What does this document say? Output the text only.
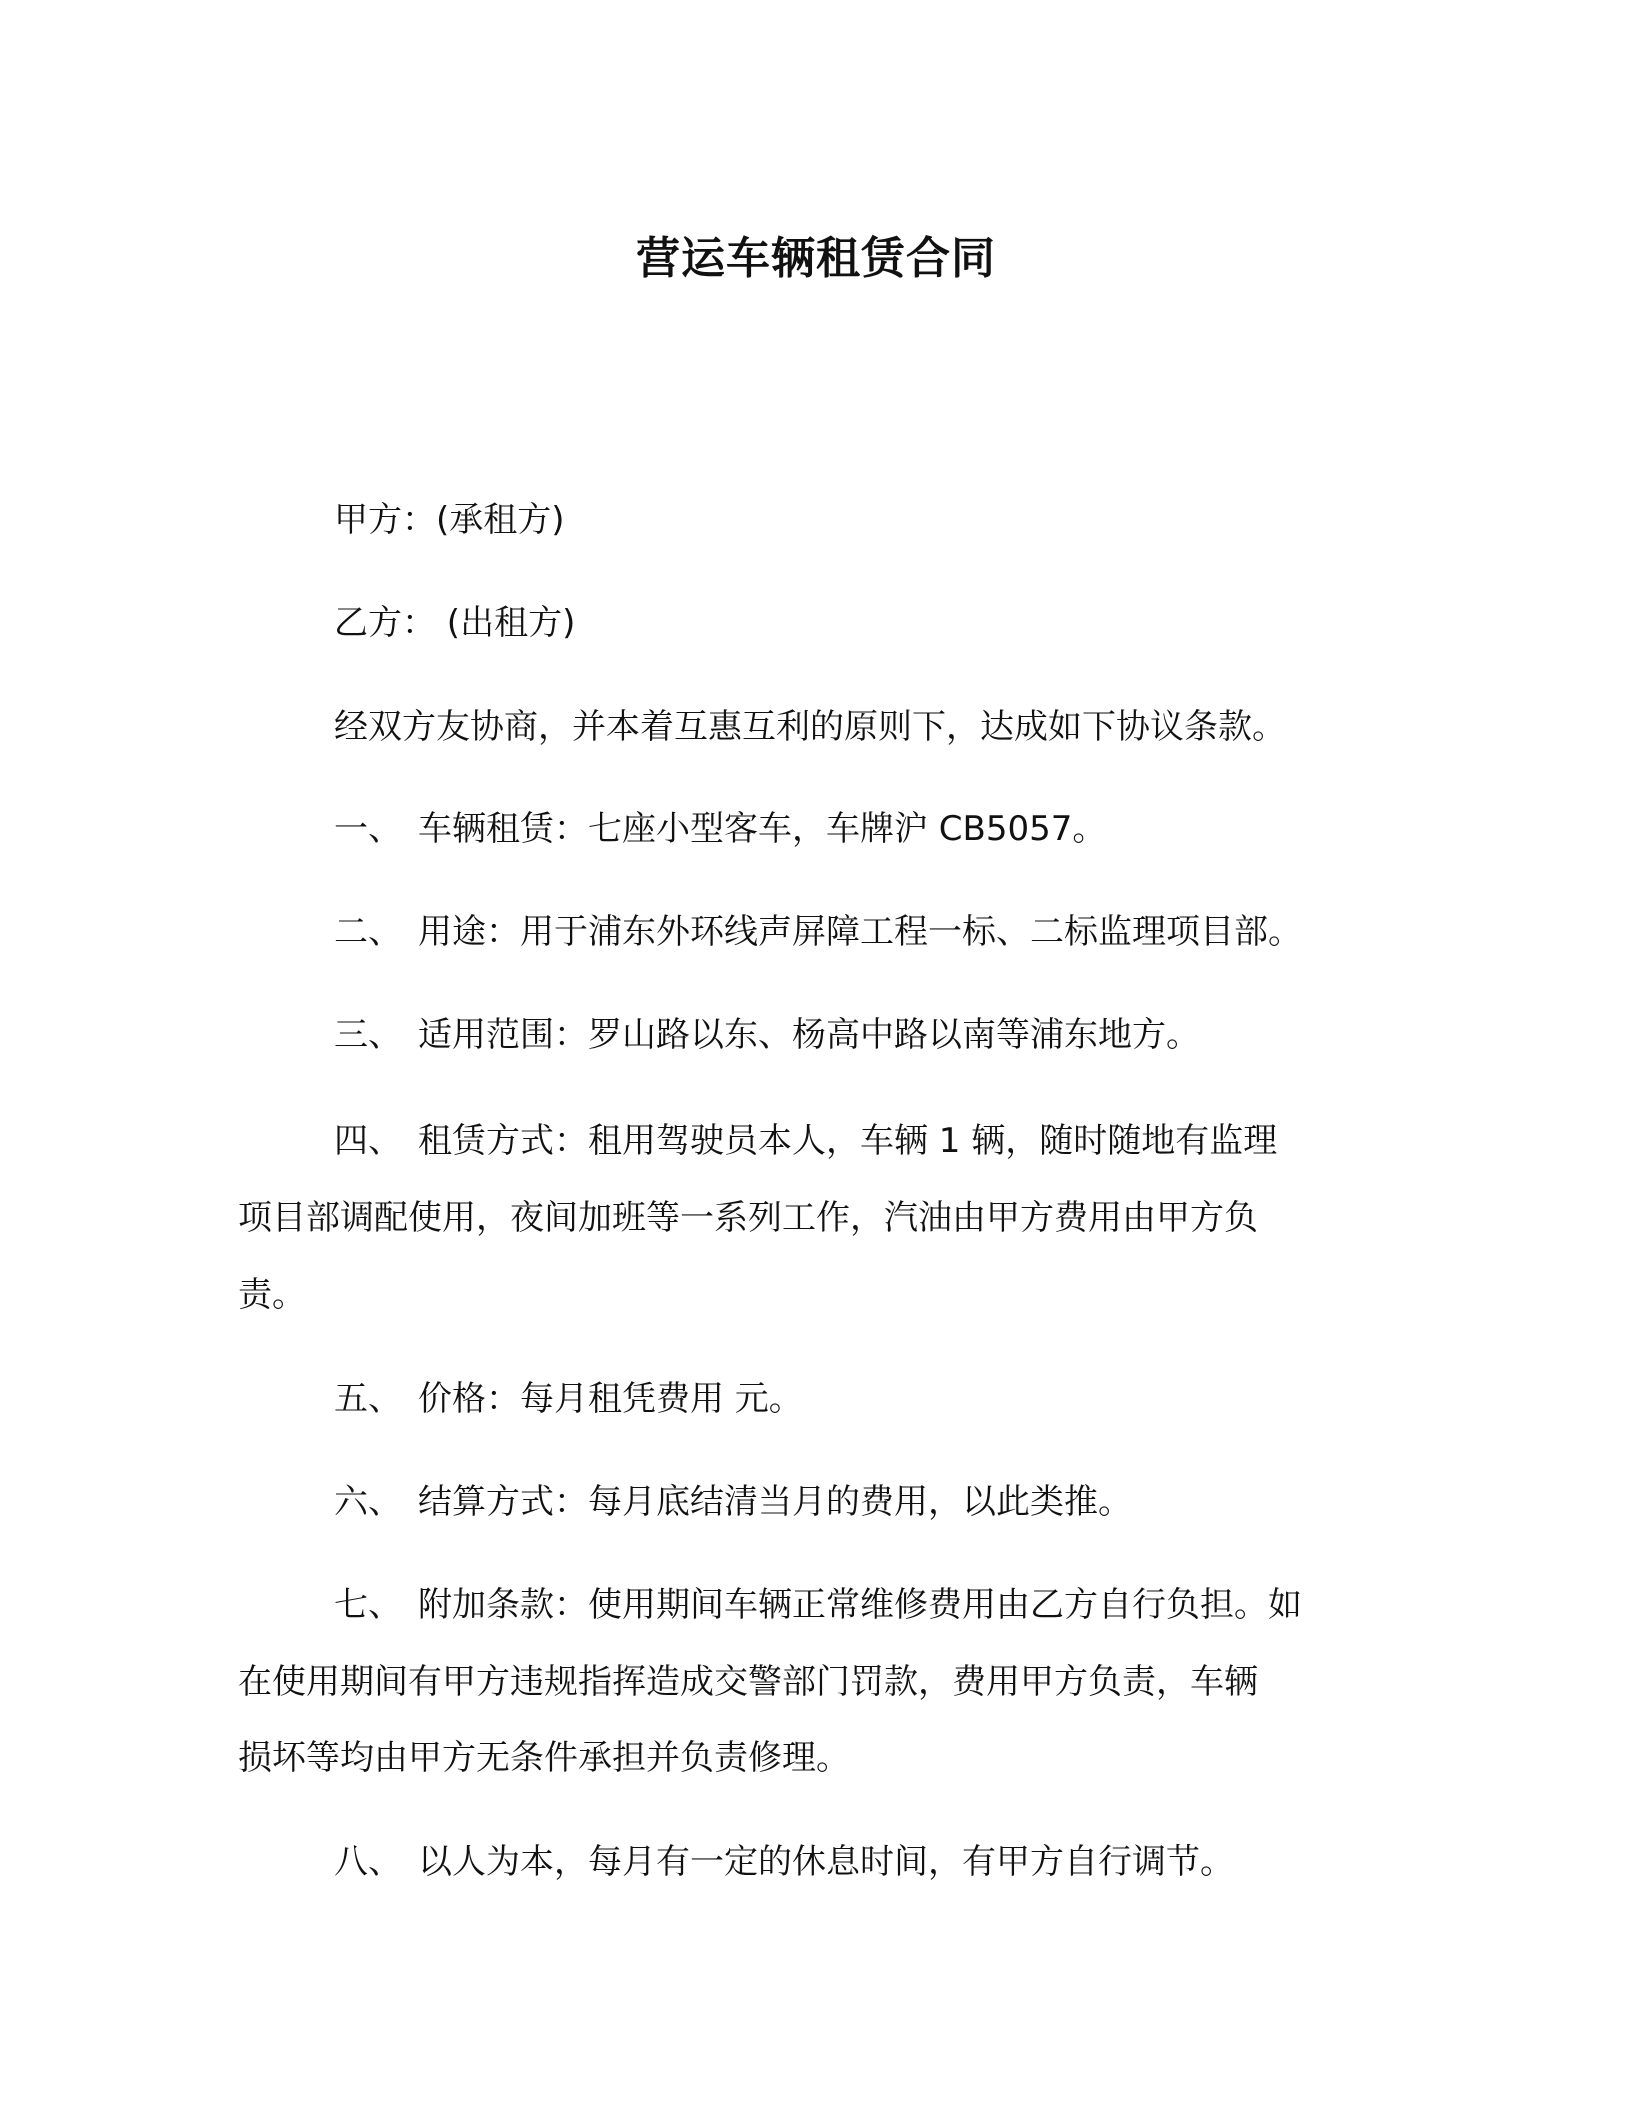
营运车辆租赁合同
甲方：(承租方)
乙方： (出租方)
经双方友协商，并本着互惠互利的原则下，达成如下协议条款。
一、 车辆租赁：七座小型客车，车牌沪 CB5057。
二、 用途：用于浦东外环线声屏障工程一标、二标监理项目部。
三、 适用范围：罗山路以东、杨高中路以南等浦东地方。
四、 租赁方式：租用驾驶员本人，车辆 1 辆，随时随地有监理
项目部调配使用，夜间加班等一系列工作，汽油由甲方费用由甲方负
责。
五、 价格：每月租凭费用 元。
六、 结算方式：每月底结清当月的费用，以此类推。
七、 附加条款：使用期间车辆正常维修费用由乙方自行负担。如
在使用期间有甲方违规指挥造成交警部门罚款，费用甲方负责，车辆
损坏等均由甲方无条件承担并负责修理。
八、 以人为本，每月有一定的休息时间，有甲方自行调节。
